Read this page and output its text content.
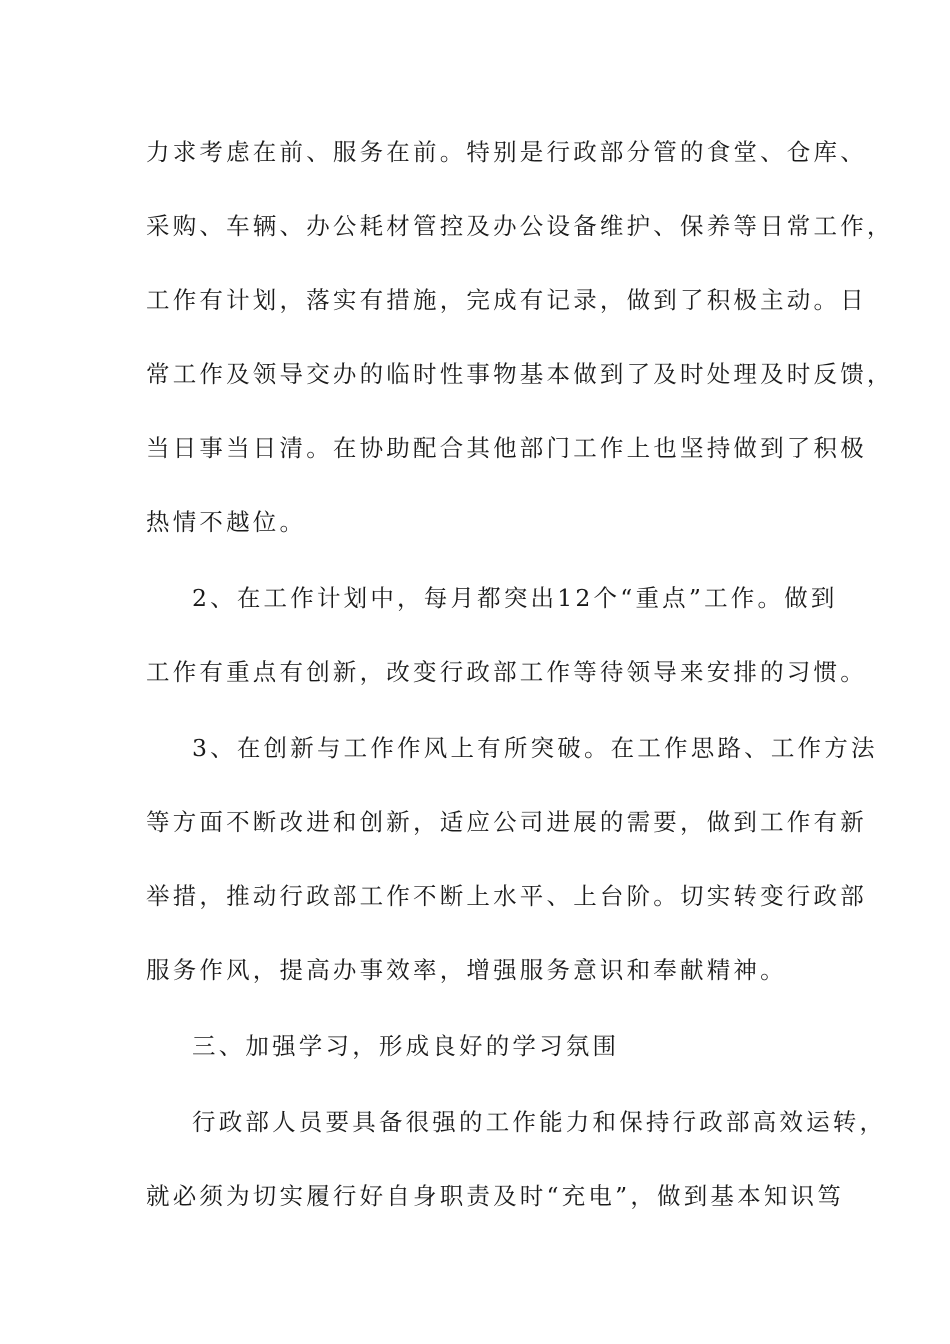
力求考虑在前、服务在前。特别是行政部分管的食堂、仓库、
采购、车辆、办公耗材管控及办公设备维护、保养等日常工作，
工作有计划，落实有措施，完成有记录，做到了积极主动。日
常工作及领导交办的临时性事物基本做到了及时处理及时反馈，
当日事当日清。在协助配合其他部门工作上也坚持做到了积极
热情不越位。
2、在工作计划中，每月都突出12个“重点”工作。做到
工作有重点有创新，改变行政部工作等待领导来安排的习惯。
3、在创新与工作作风上有所突破。在工作思路、工作方法
等方面不断改进和创新，适应公司进展的需要，做到工作有新
举措，推动行政部工作不断上水平、上台阶。切实转变行政部
服务作风，提高办事效率，增强服务意识和奉献精神。
三、加强学习，形成良好的学习氛围
行政部人员要具备很强的工作能力和保持行政部高效运转，
就必须为切实履行好自身职责及时“充电”，做到基本知识笃
